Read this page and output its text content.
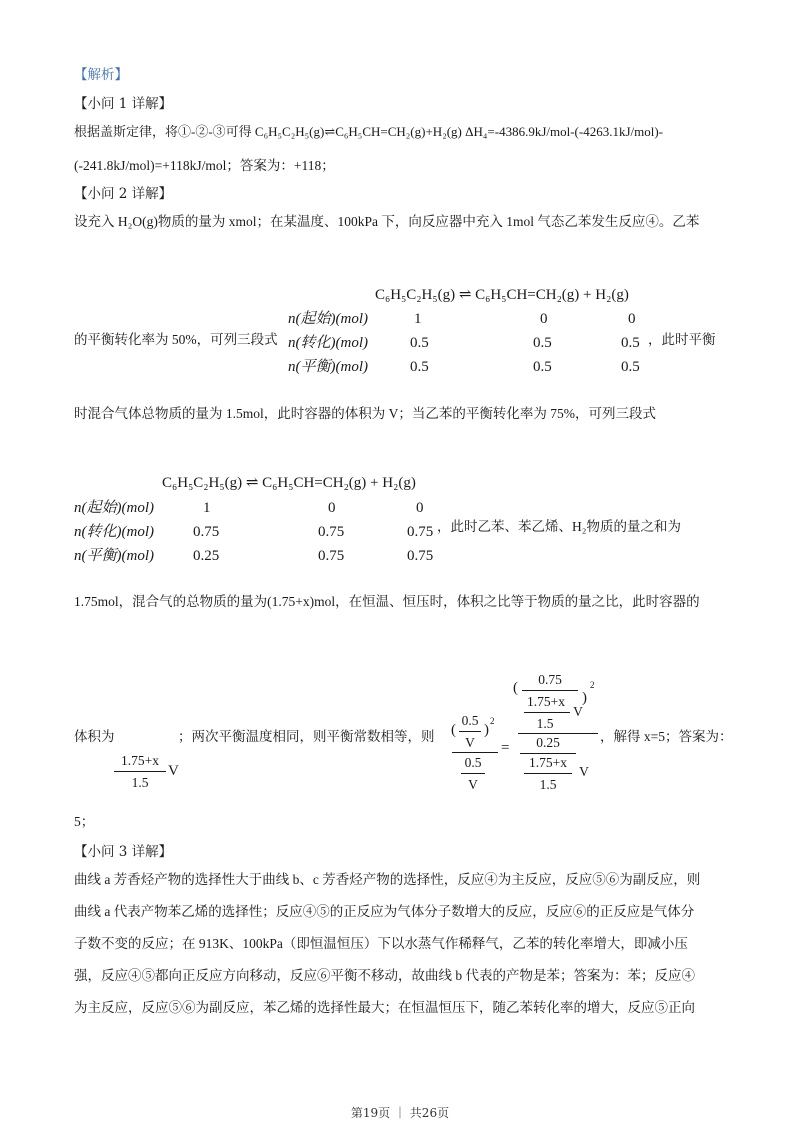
【解析】
【小问 1 详解】
根据盖斯定律，将①-②-③可得 C₆H₅C₂H₅(g)⇌C₆H₅CH=CH₂(g)+H₂(g) ΔH₄=-4386.9kJ/mol-(-4263.1kJ/mol)-
(-241.8kJ/mol)=+118kJ/mol；答案为：+118；
【小问 2 详解】
设充入 H₂O(g)物质的量为 xmol；在某温度、100kPa 下，向反应器中充入 1mol 气态乙苯发生反应④。乙苯
C₆H₅C₂H₅(g) ⇌ C₆H₅CH=CH₂(g) + H₂(g)
n(起始)(mol)	1	0	0
的平衡转化率为 50%，可列三段式 n(转化)(mol)	0.5	0.5	0.5 ，此时平衡
n(平衡)(mol)	0.5	0.5	0.5
时混合气体总物质的量为 1.5mol，此时容器的体积为 V；当乙苯的平衡转化率为 75%，可列三段式
C₆H₅C₂H₅(g) ⇌ C₆H₅CH=CH₂(g) + H₂(g)
n(起始)(mol)	1	0	0
n(转化)(mol)	0.75	0.75	0.75 ，此时乙苯、苯乙烯、H₂物质的量之和为
n(平衡)(mol)	0.25	0.75	0.75
1.75mol，混合气的总物质的量为(1.75+x)mol，在恒温、恒压时，体积之比等于物质的量之比，此时容器的
体积为
1.75+x
1.5
V
；两次平衡温度相同，则平衡常数相等，则 (
0.5
V
)
2
0.5
V
=
(
0.75
1.75+x
V
)
2
1.5
0.25
1.75+x
1.5
V
，解得 x=5；答案为：
5；
【小问 3 详解】
曲线 a 芳香烃产物的选择性大于曲线 b、c 芳香烃产物的选择性，反应④为主反应，反应⑤⑥为副反应，则
曲线 a 代表产物苯乙烯的选择性；反应④⑤的正反应为气体分子数增大的反应，反应⑥的正反应是气体分
子数不变的反应；在 913K、100kPa（即恒温恒压）下以水蒸气作稀释气，乙苯的转化率增大，即减小压
强，反应④⑤都向正反应方向移动，反应⑥平衡不移动，故曲线 b 代表的产物是苯；答案为：苯；反应④
为主反应，反应⑤⑥为副反应，苯乙烯的选择性最大；在恒温恒压下，随乙苯转化率的增大，反应⑤正向
第19页 ｜ 共26页
